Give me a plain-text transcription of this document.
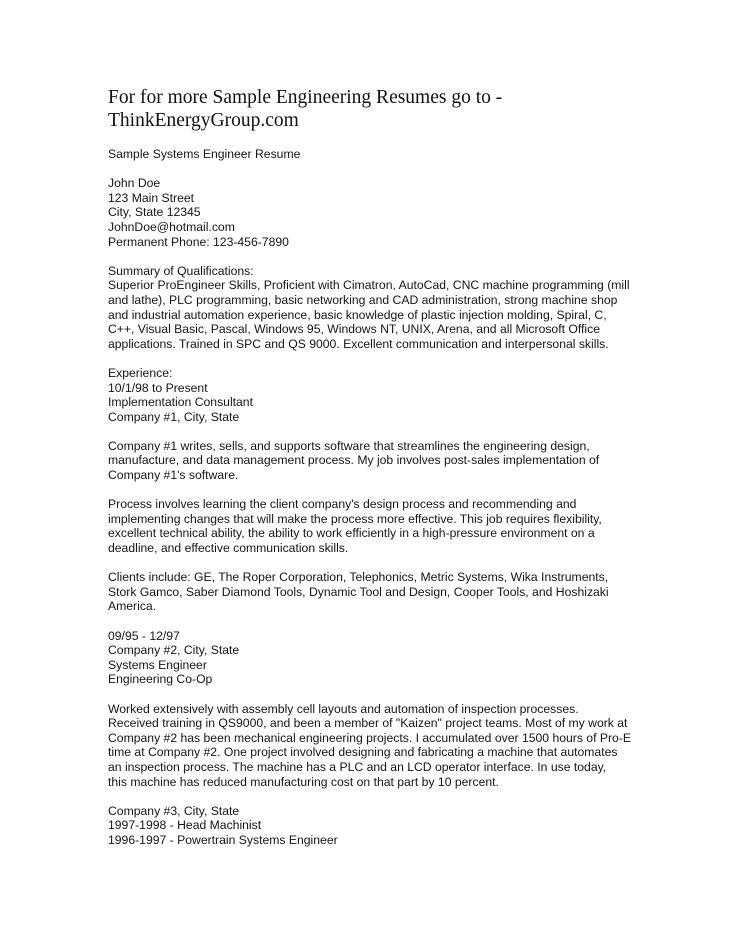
For for more Sample Engineering Resumes go to -
ThinkEnergyGroup.com
Sample Systems Engineer Resume
John Doe
123 Main Street
City, State 12345
JohnDoe@hotmail.com
Permanent Phone: 123-456-7890
Summary of Qualifications:
Superior ProEngineer Skills, Proficient with Cimatron, AutoCad, CNC machine programming (mill
and lathe), PLC programming, basic networking and CAD administration, strong machine shop
and industrial automation experience, basic knowledge of plastic injection molding, Spiral, C,
C++, Visual Basic, Pascal, Windows 95, Windows NT, UNIX, Arena, and all Microsoft Office
applications. Trained in SPC and QS 9000. Excellent communication and interpersonal skills.
Experience:
10/1/98 to Present
Implementation Consultant
Company #1, City, State
Company #1 writes, sells, and supports software that streamlines the engineering design,
manufacture, and data management process. My job involves post-sales implementation of
Company #1's software.
Process involves learning the client company's design process and recommending and
implementing changes that will make the process more effective. This job requires flexibility,
excellent technical ability, the ability to work efficiently in a high-pressure environment on a
deadline, and effective communication skills.
Clients include: GE, The Roper Corporation, Telephonics, Metric Systems, Wika Instruments,
Stork Gamco, Saber Diamond Tools, Dynamic Tool and Design, Cooper Tools, and Hoshizaki
America.
09/95 - 12/97
Company #2, City, State
Systems Engineer
Engineering Co-Op
Worked extensively with assembly cell layouts and automation of inspection processes.
Received training in QS9000, and been a member of "Kaizen" project teams. Most of my work at
Company #2 has been mechanical engineering projects. I accumulated over 1500 hours of Pro-E
time at Company #2. One project involved designing and fabricating a machine that automates
an inspection process. The machine has a PLC and an LCD operator interface. In use today,
this machine has reduced manufacturing cost on that part by 10 percent.
Company #3, City, State
1997-1998 - Head Machinist
1996-1997 - Powertrain Systems Engineer
